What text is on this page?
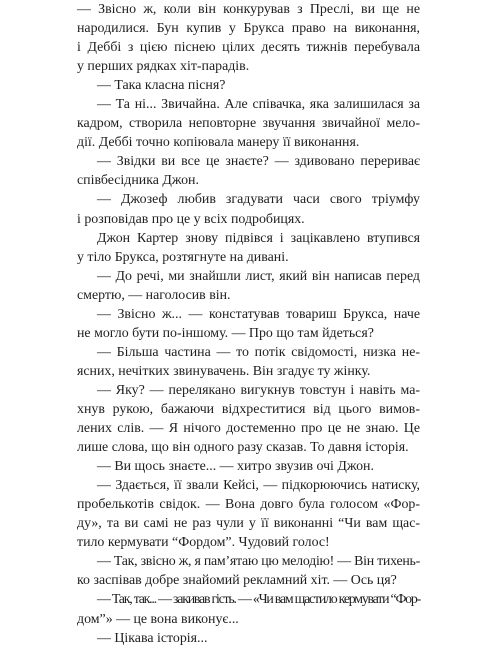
— Звісно ж, коли він конкурував з Преслі, ви ще не
народилися. Бун купив у Брукса право на виконання,
і Деббі з цією піснею цілих десять тижнів перебувала
у перших рядках хіт-парадів.
— Така класна пісня?
— Та ні... Звичайна. Але співачка, яка залишилася за
кадром, створила неповторне звучання звичайної мело-
дії. Деббі точно копіювала манеру її виконання.
— Звідки ви все це знаєте? — здивовано перериває
співбесідника Джон.
— Джозеф любив згадувати часи свого тріумфу
і розповідав про це у всіх подробицях.
Джон Картер знову підвівся і зацікавлено втупився
у тіло Брукса, розтягнуте на дивані.
— До речі, ми знайшли лист, який він написав перед
смертю, — наголосив він.
— Звісно ж... — констатував товариш Брукса, наче
не могло бути по-іншому. — Про що там йдеться?
— Більша частина — то потік свідомості, низка не-
ясних, нечітких звинувачень. Він згадує ту жінку.
— Яку? — перелякано вигукнув товстун і навіть ма-
хнув рукою, бажаючи відхреститися від цього вимов-
лених слів. — Я нічого достеменно про це не знаю. Це
лише слова, що він одного разу сказав. То давня історія.
— Ви щось знаєте... — хитро звузив очі Джон.
— Здається, її звали Кейсі, — підкорюючись натиску,
пробелькотів свідок. — Вона довго була голосом «Фор-
ду», та ви самі не раз чули у її виконанні “Чи вам щас-
тило кермувати “Фордом”. Чудовий голос!
— Так, звісно ж, я пам’ятаю цю мелодію! — Він тихень-
ко заспівав добре знайомий рекламний хіт. — Ось ця?
— Так, так... — закивав гість. — «Чи вам щастило кермувати “Фор-
дом”» — це вона виконує...
— Цікава історія...
